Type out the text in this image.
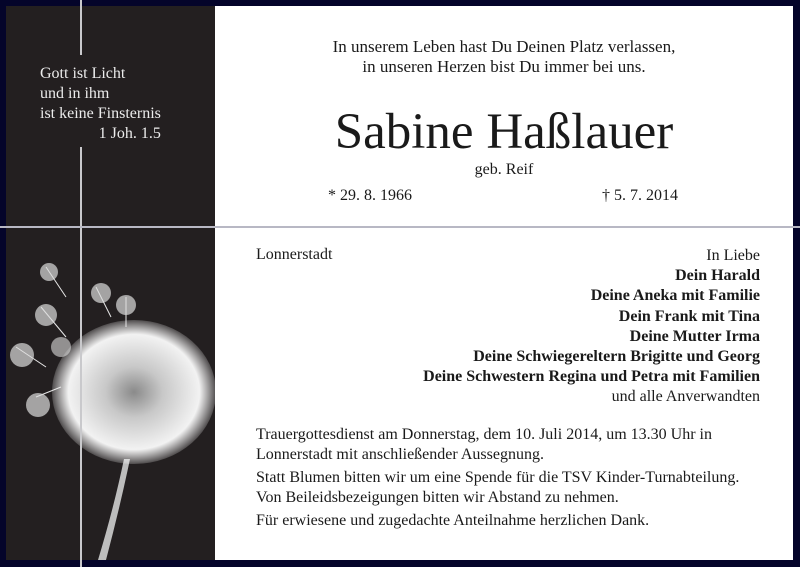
Gott ist Licht
und in ihm
ist keine Finsternis
1 Joh. 1.5
In unserem Leben hast Du Deinen Platz verlassen,
in unseren Herzen bist Du immer bei uns.
Sabine Haßlauer
geb. Reif
* 29. 8. 1966	† 5. 7. 2014
Lonnerstadt	In Liebe
Dein Harald
Deine Aneka mit Familie
Dein Frank mit Tina
Deine Mutter Irma
Deine Schwiegereltern Brigitte und Georg
Deine Schwestern Regina und Petra mit Familien
und alle Anverwandten

Trauergottesdienst am Donnerstag, dem 10. Juli 2014, um 13.30 Uhr in Lonnerstadt mit anschließender Aussegnung.

Statt Blumen bitten wir um eine Spende für die TSV Kinder-Turnabteilung. Von Beileidsbezeigungen bitten wir Abstand zu nehmen.

Für erwiesene und zugedachte Anteilnahme herzlichen Dank.
